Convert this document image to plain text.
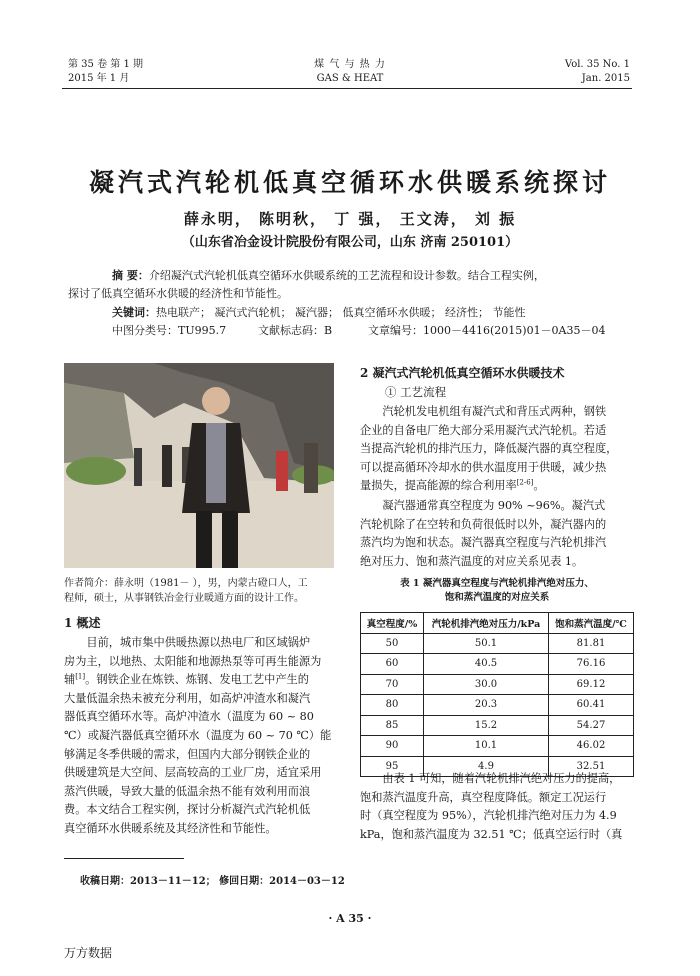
第 35 卷 第 1 期
2015 年 1 月
煤 气 与 热 力
GAS & HEAT
Vol. 35 No. 1
Jan. 2015
凝汽式汽轮机低真空循环水供暖系统探讨
薛永明， 陈明秋， 丁 强， 王文涛， 刘 振
（山东省冶金设计院股份有限公司，山东 济南 250101）
摘 要：介绍凝汽式汽轮机低真空循环水供暖系统的工艺流程和设计参数。结合工程实例，
探讨了低真空循环水供暖的经济性和节能性。
关键词：热电联产； 凝汽式汽轮机； 凝汽器； 低真空循环水供暖； 经济性； 节能性
中图分类号：TU995.7	文献标志码：B	文章编号：1000－4416(2015)01－0A35－04
作者简介：薛永明（1981－ ），男，内蒙古磴口人，工
程师，硕士，从事钢铁冶金行业暖通方面的设计工作。
1 概述

目前，城市集中供暖热源以热电厂和区域锅炉

房为主，以地热、太阳能和地源热泵等可再生能源为
辅[1]。钢铁企业在炼铁、炼钢、发电工艺中产生的
大量低温余热未被充分利用，如高炉冲渣水和凝汽
器低真空循环水等。高炉冲渣水（温度为 60 ~ 80
℃）或凝汽器低真空循环水（温度为 60 ~ 70 ℃）能
够满足冬季供暖的需求，但国内大部分钢铁企业的
供暖建筑是大空间、层高较高的工业厂房，适宜采用
蒸汽供暖，导致大量的低温余热不能有效利用而浪
费。本文结合工程实例，探讨分析凝汽式汽轮机低
真空循环水供暖系统及其经济性和节能性。
收稿日期：2013－11－12； 修回日期：2014－03－12
2 凝汽式汽轮机低真空循环水供暖技术
① 工艺流程

汽轮机发电机组有凝汽式和背压式两种，钢铁

企业的自备电厂绝大部分采用凝汽式汽轮机。若适
当提高汽轮机的排汽压力，降低凝汽器的真空程度，
可以提高循环冷却水的供水温度用于供暖，减少热
量损失，提高能源的综合利用率[2-6]。

凝汽器通常真空程度为 90% ~96%。凝汽式

汽轮机除了在空转和负荷很低时以外，凝汽器内的
蒸汽均为饱和状态。凝汽器真空程度与汽轮机排汽
绝对压力、饱和蒸汽温度的对应关系见表 1。
表 1 凝汽器真空程度与汽轮机排汽绝对压力、
饱和蒸汽温度的对应关系
真空程度/%	汽轮机排汽绝对压力/kPa	饱和蒸汽温度/℃
50	50.1	81.81
60	40.5	76.16
70	30.0	69.12
80	20.3	60.41
85	15.2	54.27
90	10.1	46.02
95	4.9	32.51

由表 1 可知，随着汽轮机排汽绝对压力的提高，

饱和蒸汽温度升高，真空程度降低。额定工况运行
时（真空程度为 95%），汽轮机排汽绝对压力为 4.9
kPa，饱和蒸汽温度为 32.51 ℃；低真空运行时（真
· A 35 ·
万方数据
